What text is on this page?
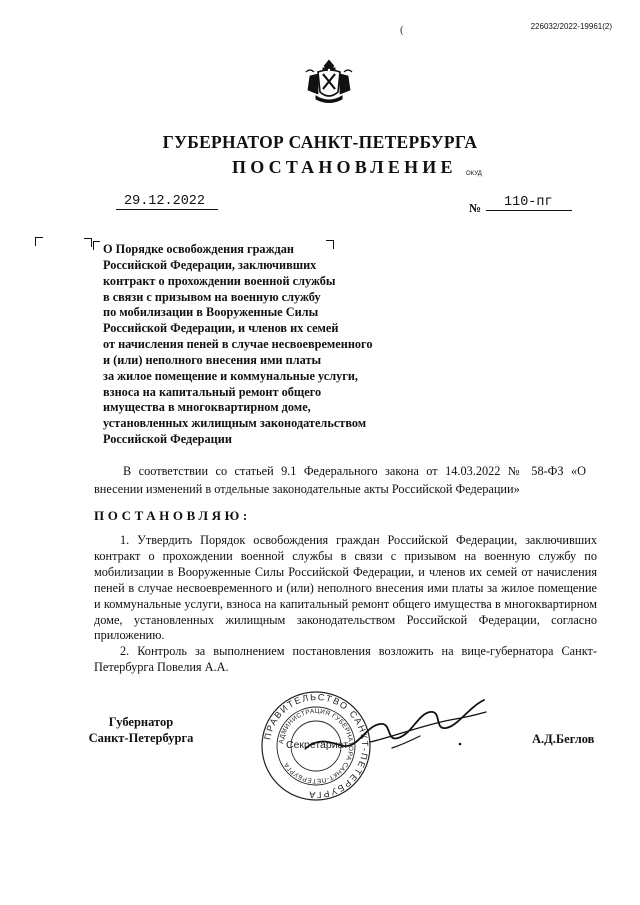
226032/2022-19961(2)
(
ГУБЕРНАТОР САНКТ-ПЕТЕРБУРГА
ПОСТАНОВЛЕНИЕ ОКУД
29.12.2022	№	110-пг
О Порядке освобождения граждан
Российской Федерации, заключивших
контракт о прохождении военной службы
в связи с призывом на военную службу
по мобилизации в Вооруженные Силы
Российской Федерации, и членов их семей
от начисления пеней в случае несвоевременного
и (или) неполного внесения ими платы
за жилое помещение и коммунальные услуги,
взноса на капитальный ремонт общего
имущества в многоквартирном доме,
установленных жилищным законодательством
Российской Федерации
В соответствии со статьей 9.1 Федерального закона от 14.03.2022 № 58-ФЗ «О внесении изменений в отдельные законодательные акты Российской Федерации»
ПОСТАНОВЛЯЮ:

1. Утвердить Порядок освобождения граждан Российской Федерации, заключивших контракт о прохождении военной службы в связи с призывом на военную службу по мобилизации в Вооруженные Силы Российской Федерации, и членов их семей от начисления пеней в случае несвоевременного и (или) неполного внесения ими платы за жилое помещение и коммунальные услуги, взноса на капитальный ремонт общего имущества в многоквартирном доме, установленных жилищным законодательством Российской Федерации, согласно приложению.

2. Контроль за выполнением постановления возложить на вице-губернатора Санкт-Петербурга Повелия А.А.

Губернатор
Санкт-Петербурга	ПРАВИТЕЛЬСТВО САНКТ-ПЕТЕРБУРГА
АДМИНИСТРАЦИЯ ГУБЕРНАТОРА САНКТ-ПЕТЕРБУРГА
Секретариат	А.Д.Беглов
